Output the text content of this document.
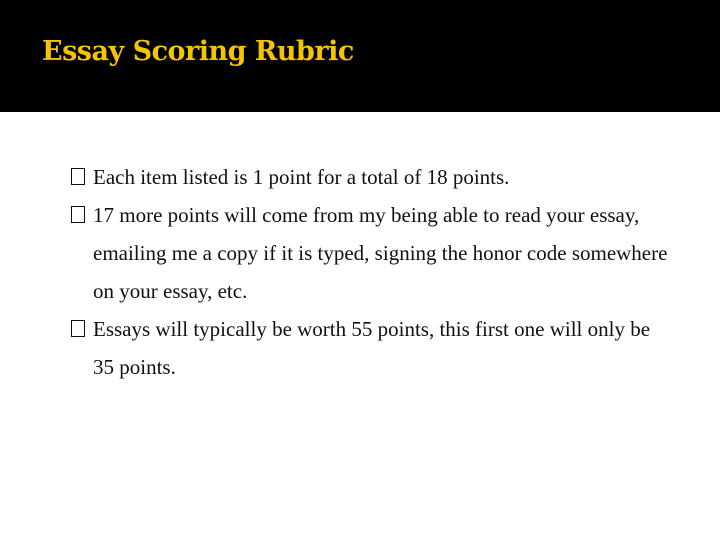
Essay Scoring Rubric
Each item listed is 1 point for a total of 18 points.
17 more points will come from my being able to read your essay, emailing me a copy if it is typed, signing the honor code somewhere on your essay, etc.
Essays will typically be worth 55 points, this first one will only be 35 points.
